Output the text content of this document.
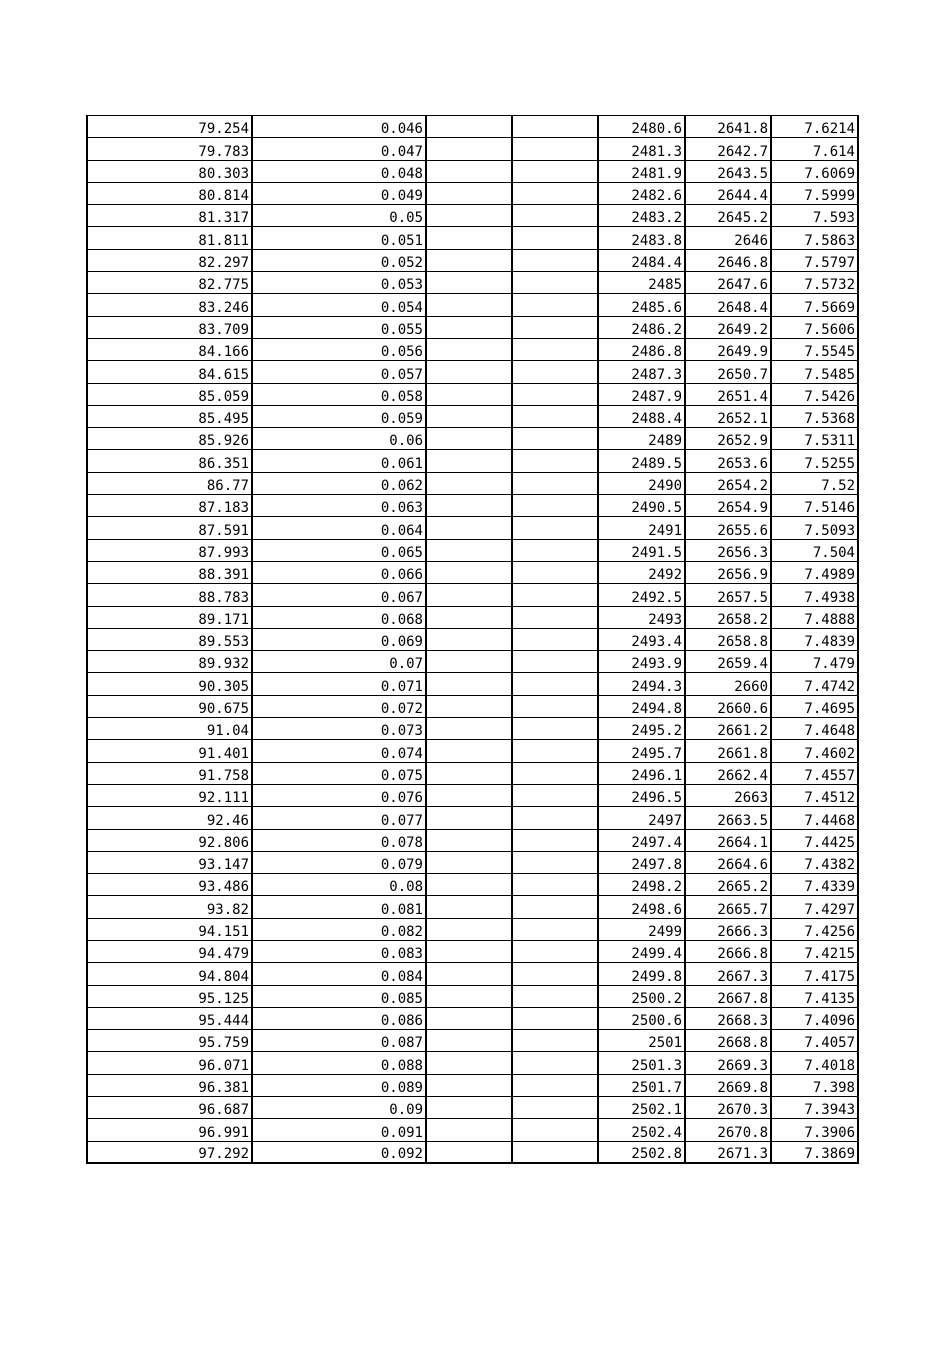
79.254	0.046			2480.6	2641.8	7.6214
79.783	0.047			2481.3	2642.7	7.614
80.303	0.048			2481.9	2643.5	7.6069
80.814	0.049			2482.6	2644.4	7.5999
81.317	0.05			2483.2	2645.2	7.593
81.811	0.051			2483.8	2646	7.5863
82.297	0.052			2484.4	2646.8	7.5797
82.775	0.053			2485	2647.6	7.5732
83.246	0.054			2485.6	2648.4	7.5669
83.709	0.055			2486.2	2649.2	7.5606
84.166	0.056			2486.8	2649.9	7.5545
84.615	0.057			2487.3	2650.7	7.5485
85.059	0.058			2487.9	2651.4	7.5426
85.495	0.059			2488.4	2652.1	7.5368
85.926	0.06			2489	2652.9	7.5311
86.351	0.061			2489.5	2653.6	7.5255
86.77	0.062			2490	2654.2	7.52
87.183	0.063			2490.5	2654.9	7.5146
87.591	0.064			2491	2655.6	7.5093
87.993	0.065			2491.5	2656.3	7.504
88.391	0.066			2492	2656.9	7.4989
88.783	0.067			2492.5	2657.5	7.4938
89.171	0.068			2493	2658.2	7.4888
89.553	0.069			2493.4	2658.8	7.4839
89.932	0.07			2493.9	2659.4	7.479
90.305	0.071			2494.3	2660	7.4742
90.675	0.072			2494.8	2660.6	7.4695
91.04	0.073			2495.2	2661.2	7.4648
91.401	0.074			2495.7	2661.8	7.4602
91.758	0.075			2496.1	2662.4	7.4557
92.111	0.076			2496.5	2663	7.4512
92.46	0.077			2497	2663.5	7.4468
92.806	0.078			2497.4	2664.1	7.4425
93.147	0.079			2497.8	2664.6	7.4382
93.486	0.08			2498.2	2665.2	7.4339
93.82	0.081			2498.6	2665.7	7.4297
94.151	0.082			2499	2666.3	7.4256
94.479	0.083			2499.4	2666.8	7.4215
94.804	0.084			2499.8	2667.3	7.4175
95.125	0.085			2500.2	2667.8	7.4135
95.444	0.086			2500.6	2668.3	7.4096
95.759	0.087			2501	2668.8	7.4057
96.071	0.088			2501.3	2669.3	7.4018
96.381	0.089			2501.7	2669.8	7.398
96.687	0.09			2502.1	2670.3	7.3943
96.991	0.091			2502.4	2670.8	7.3906
97.292	0.092			2502.8	2671.3	7.3869
